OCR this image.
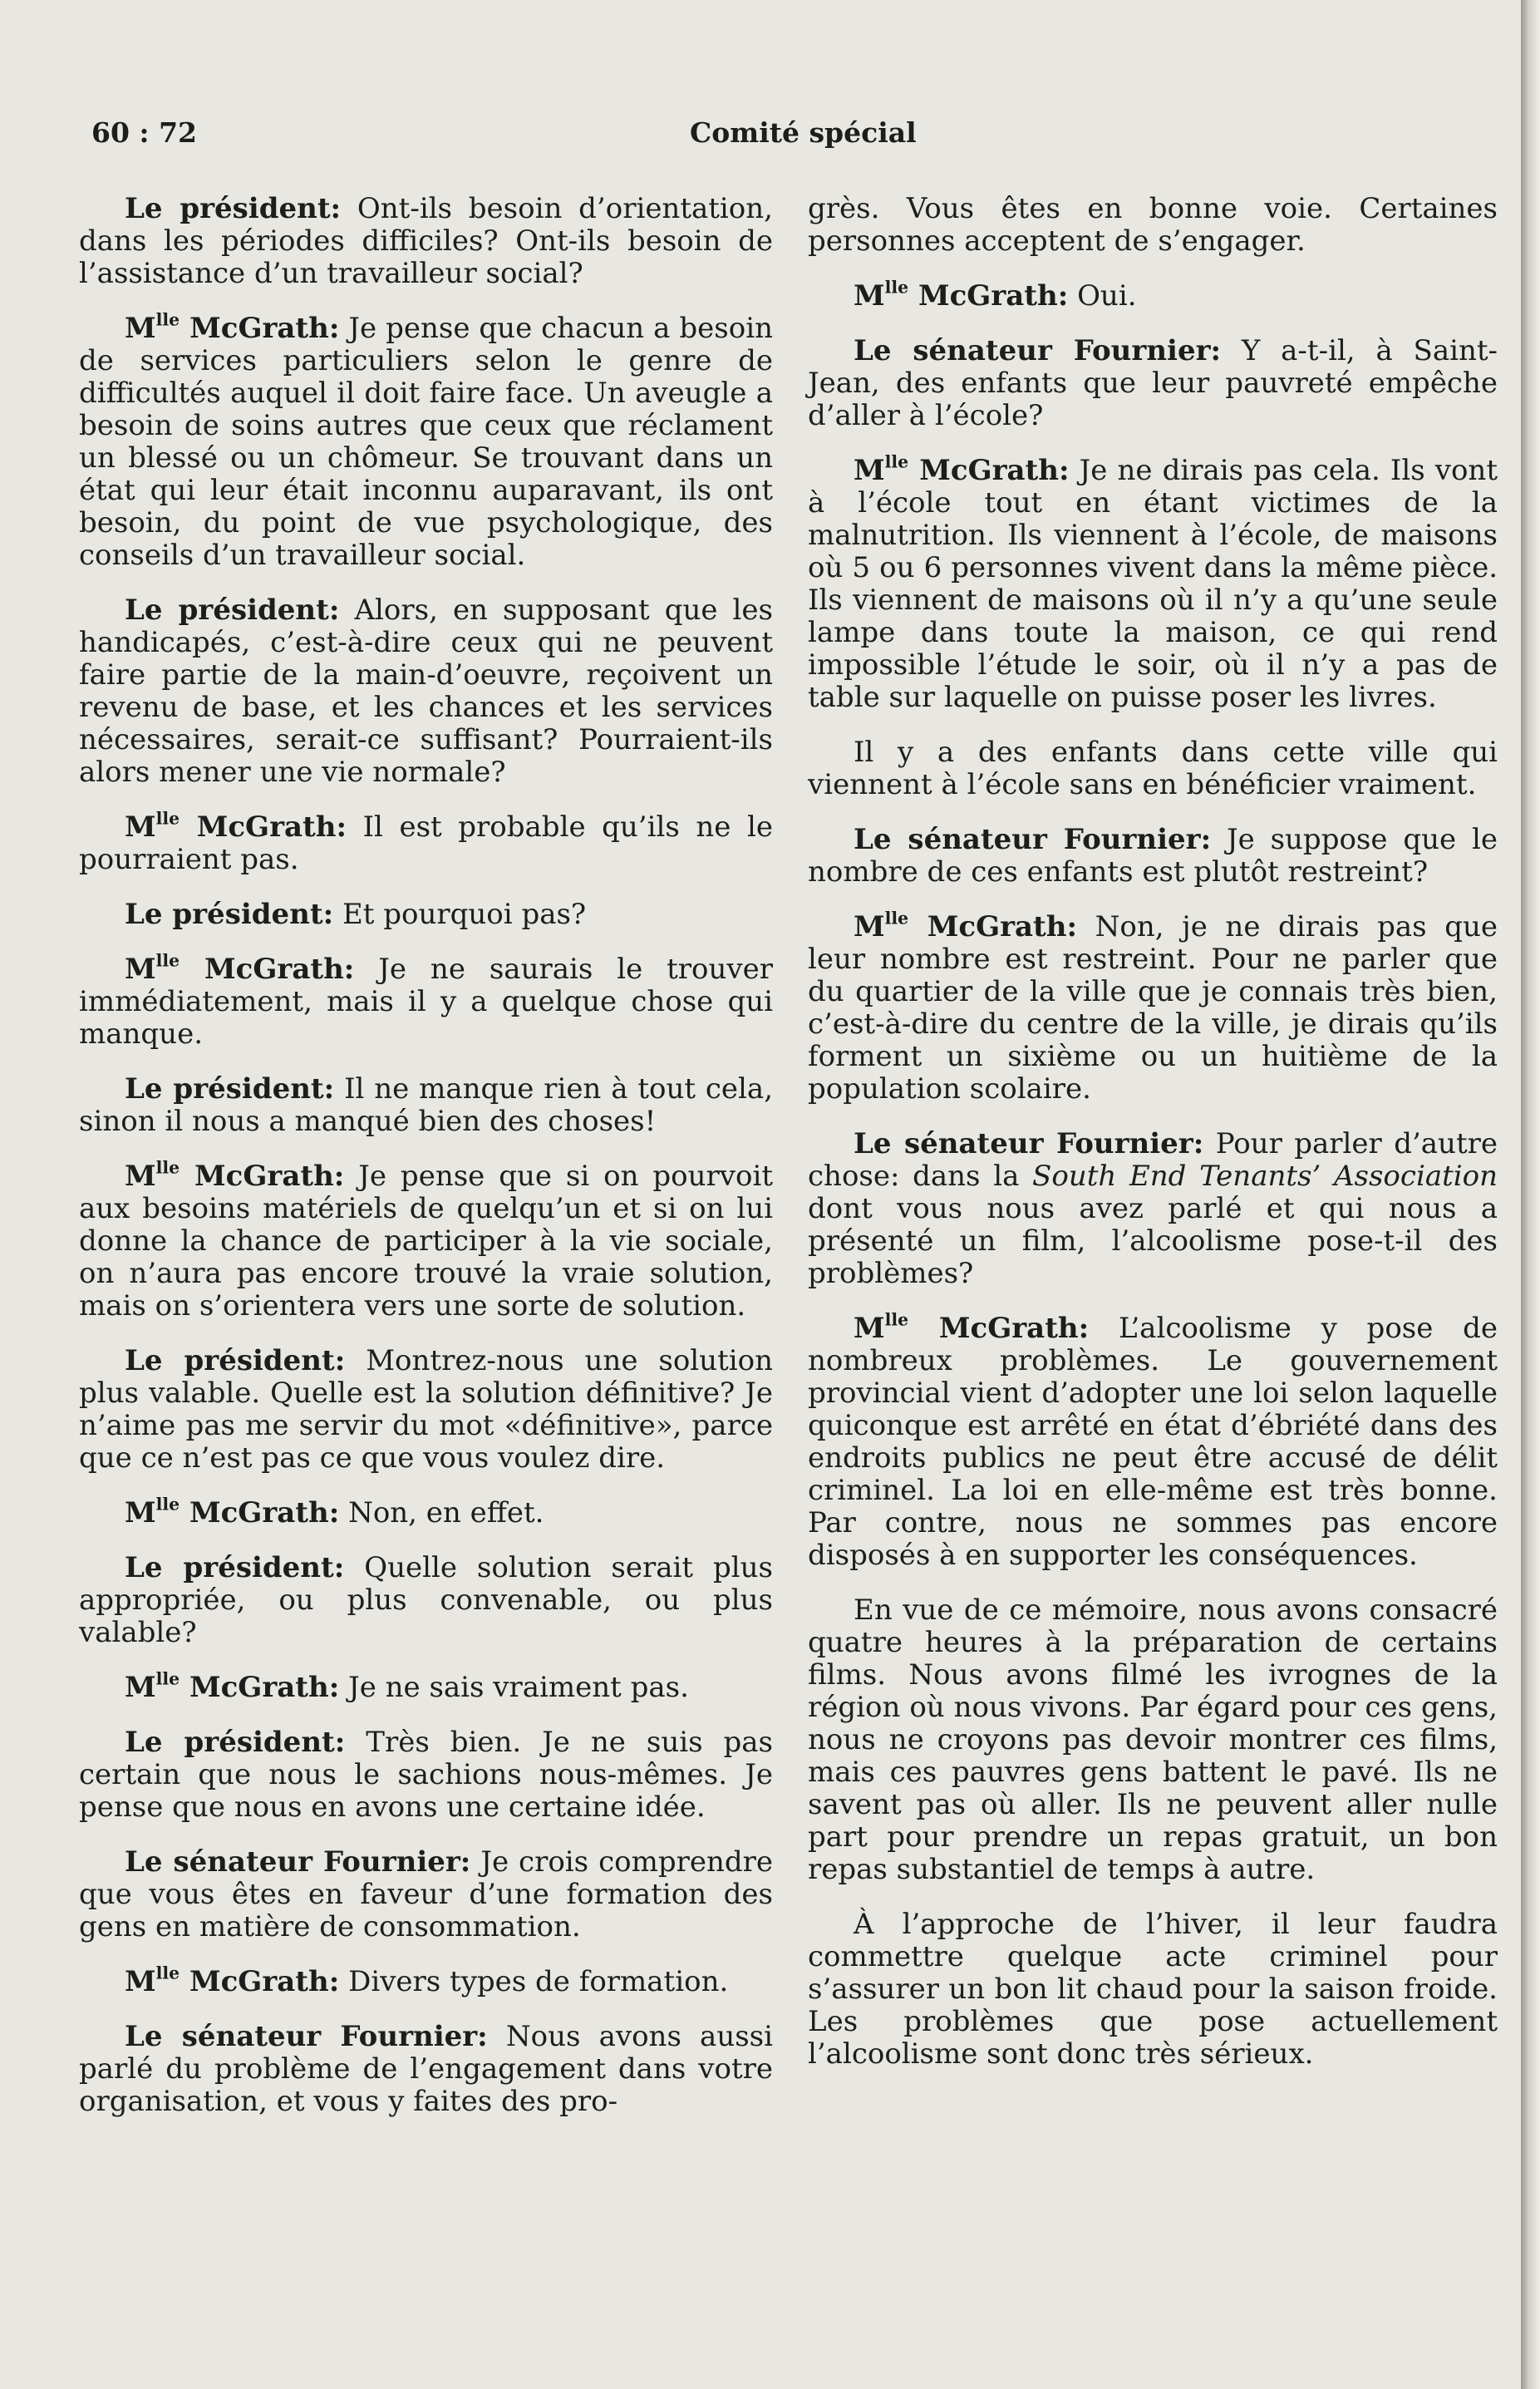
60 : 72	Comité spécial

Le président: Ont-ils besoin d’orientation, dans les périodes difficiles? Ont-ils besoin de l’assistance d’un travailleur social?

$M^{lle}$ McGrath: Je pense que chacun a besoin de services particuliers selon le genre de difficultés auquel il doit faire face. Un aveugle a besoin de soins autres que ceux que réclament un blessé ou un chômeur. Se trouvant dans un état qui leur était inconnu auparavant, ils ont besoin, du point de vue psychologique, des conseils d’un travailleur social.

Le président: Alors, en supposant que les handicapés, c’est-à-dire ceux qui ne peuvent faire partie de la main-d’oeuvre, reçoivent un revenu de base, et les chances et les services nécessaires, serait-ce suffisant? Pourraient-ils alors mener une vie normale?

$M^{lle}$ McGrath: Il est probable qu’ils ne le pourraient pas.

Le président: Et pourquoi pas?

$M^{lle}$ McGrath: Je ne saurais le trouver immédiatement, mais il y a quelque chose qui manque.

Le président: Il ne manque rien à tout cela, sinon il nous a manqué bien des choses!

$M^{lle}$ McGrath: Je pense que si on pourvoit aux besoins matériels de quelqu’un et si on lui donne la chance de participer à la vie sociale, on n’aura pas encore trouvé la vraie solution, mais on s’orientera vers une sorte de solution.

Le président: Montrez-nous une solution plus valable. Quelle est la solution définitive? Je n’aime pas me servir du mot «définitive», parce que ce n’est pas ce que vous voulez dire.

$M^{lle}$ McGrath: Non, en effet.

Le président: Quelle solution serait plus appropriée, ou plus convenable, ou plus valable?

$M^{lle}$ McGrath: Je ne sais vraiment pas.

Le président: Très bien. Je ne suis pas certain que nous le sachions nous-mêmes. Je pense que nous en avons une certaine idée.

Le sénateur Fournier: Je crois comprendre que vous êtes en faveur d’une formation des gens en matière de consommation.

$M^{lle}$ McGrath: Divers types de formation.

Le sénateur Fournier: Nous avons aussi parlé du problème de l’engagement dans votre organisation, et vous y faites des pro-

grès. Vous êtes en bonne voie. Certaines personnes acceptent de s’engager.

$M^{lle}$ McGrath: Oui.

Le sénateur Fournier: Y a-t-il, à Saint-Jean, des enfants que leur pauvreté empêche d’aller à l’école?

$M^{lle}$ McGrath: Je ne dirais pas cela. Ils vont à l’école tout en étant victimes de la malnutrition. Ils viennent à l’école, de maisons où 5 ou 6 personnes vivent dans la même pièce. Ils viennent de maisons où il n’y a qu’une seule lampe dans toute la maison, ce qui rend impossible l’étude le soir, où il n’y a pas de table sur laquelle on puisse poser les livres.

Il y a des enfants dans cette ville qui viennent à l’école sans en bénéficier vraiment.

Le sénateur Fournier: Je suppose que le nombre de ces enfants est plutôt restreint?

$M^{lle}$ McGrath: Non, je ne dirais pas que leur nombre est restreint. Pour ne parler que du quartier de la ville que je connais très bien, c’est-à-dire du centre de la ville, je dirais qu’ils forment un sixième ou un huitième de la population scolaire.

Le sénateur Fournier: Pour parler d’autre chose: dans la South End Tenants’ Association dont vous nous avez parlé et qui nous a présenté un film, l’alcoolisme pose-t-il des problèmes?

$M^{lle}$ McGrath: L’alcoolisme y pose de nombreux problèmes. Le gouvernement provincial vient d’adopter une loi selon laquelle quiconque est arrêté en état d’ébriété dans des endroits publics ne peut être accusé de délit criminel. La loi en elle-même est très bonne. Par contre, nous ne sommes pas encore disposés à en supporter les conséquences.

En vue de ce mémoire, nous avons consacré quatre heures à la préparation de certains films. Nous avons filmé les ivrognes de la région où nous vivons. Par égard pour ces gens, nous ne croyons pas devoir montrer ces films, mais ces pauvres gens battent le pavé. Ils ne savent pas où aller. Ils ne peuvent aller nulle part pour prendre un repas gratuit, un bon repas substantiel de temps à autre.

À l’approche de l’hiver, il leur faudra commettre quelque acte criminel pour s’assurer un bon lit chaud pour la saison froide. Les problèmes que pose actuellement l’alcoolisme sont donc très sérieux.
